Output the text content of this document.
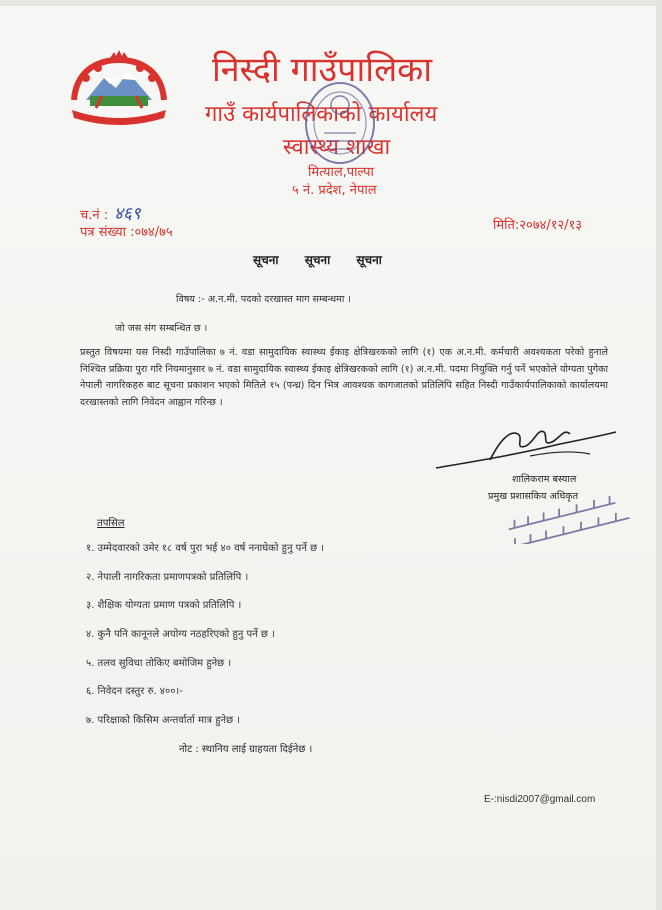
निस्दी गाउँपालिका
गाउँ कार्यपालिकाको कार्यालय
स्वास्थ्य शाखा
मित्याल,पाल्पा
५ नं. प्रदेश, नेपाल
च.नं : ४६९
पत्र संख्या :०७४/७५	मिति:२०७४/१२/१३
सूचना सूचना सूचना
विषय :- अ.न.मी. पदको दरखास्त माग सम्बन्धमा ।
जो जस संग सम्बन्धित छ ।
प्रस्तुत विषयमा यस निस्दी गाउँपालिका ७ नं. वडा सामुदायिक स्वास्थ्य ईकाइ क्षेत्रिखरकको लागि (१) एक अ.न.मी. कर्मचारी अवश्यकता परेको हुनाले निश्चित प्रक्रिया पुरा गरि नियमानुसार ७ नं. वडा सामुदायिक स्वास्थ्य ईकाइ क्षेत्रिखरकको लागि (१) अ.न.मी. पदमा नियुक्ति गर्नु पर्ने भएकोले योग्यता पुगेका नेपाली नागरिकहरु बाट सूचना प्रकाशन भएको मितिले १५ (पन्ध्र) दिन भित्र आवश्यक कागजातको प्रतिलिपि सहित निस्दी गाउँकार्यपालिकाको कार्यालयमा दरखास्तको लागि निवेदन आह्वान गरिन्छ ।
शालिकराम बस्याल
प्रमुख प्रशासकिय अधिकृत
तपसिल
१. उम्मेदवारको उमेर १८ वर्ष पुरा भई ४० वर्ष ननाघेको हुनु पर्ने छ ।
२. नेपाली नागरिकता प्रमाणपत्रको प्रतिलिपि ।
३. शैक्षिक योग्यता प्रमाण पत्रको प्रतिलिपि ।
४. कुनै पनि कानूनले अयोग्य नठहरिएको हुनु पर्ने छ ।
५. तलव सुविधा तोकिए बमोजिम हुनेछ ।
६. निवेदन दस्तुर रु. ४००।-
७. परिक्षाको किसिम अन्तर्वार्ता मात्र हुनेछ ।
नोट : स्थानिय लाई ग्राहयता दिईनेछ ।
E-:nisdi2007@gmail.com
